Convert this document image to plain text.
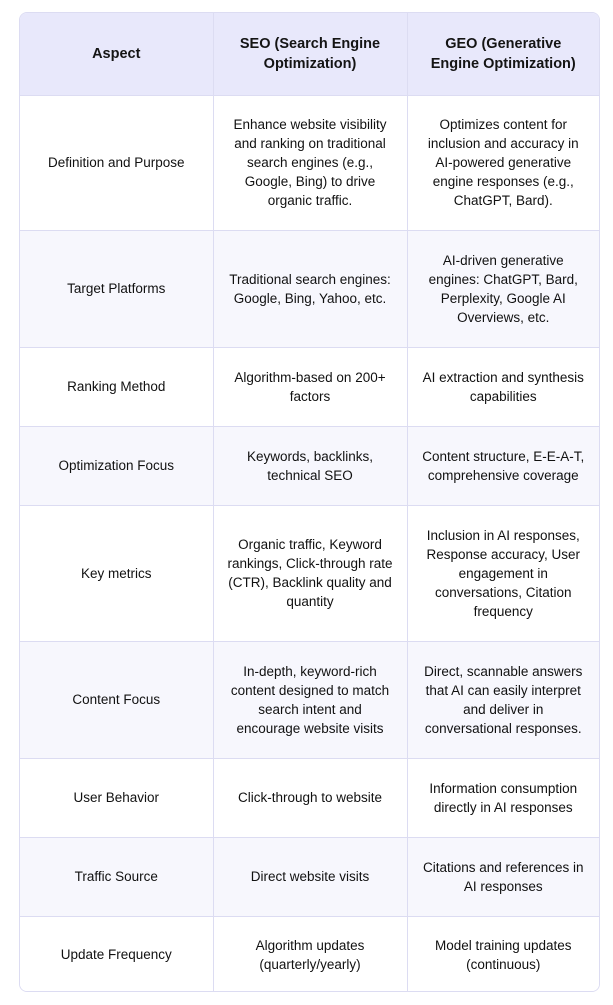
Aspect	SEO (Search Engine Optimization)	GEO (Generative Engine Optimization)
Definition and Purpose	Enhance website visibility and ranking on traditional search engines (e.g., Google, Bing) to drive organic traffic.	Optimizes content for inclusion and accuracy in AI-powered generative engine responses (e.g., ChatGPT, Bard).
Target Platforms	Traditional search engines: Google, Bing, Yahoo, etc.	AI-driven generative engines: ChatGPT, Bard, Perplexity, Google AI Overviews, etc.
Ranking Method	Algorithm-based on 200+ factors	AI extraction and synthesis capabilities
Optimization Focus	Keywords, backlinks, technical SEO	Content structure, E-E-A-T, comprehensive coverage
Key metrics	Organic traffic, Keyword rankings, Click-through rate (CTR), Backlink quality and quantity	Inclusion in AI responses, Response accuracy, User engagement in conversations, Citation frequency
Content Focus	In-depth, keyword-rich content designed to match search intent and encourage website visits	Direct, scannable answers that AI can easily interpret and deliver in conversational responses.
User Behavior	Click-through to website	Information consumption directly in AI responses
Traffic Source	Direct website visits	Citations and references in AI responses
Update Frequency	Algorithm updates (quarterly/yearly)	Model training updates (continuous)
